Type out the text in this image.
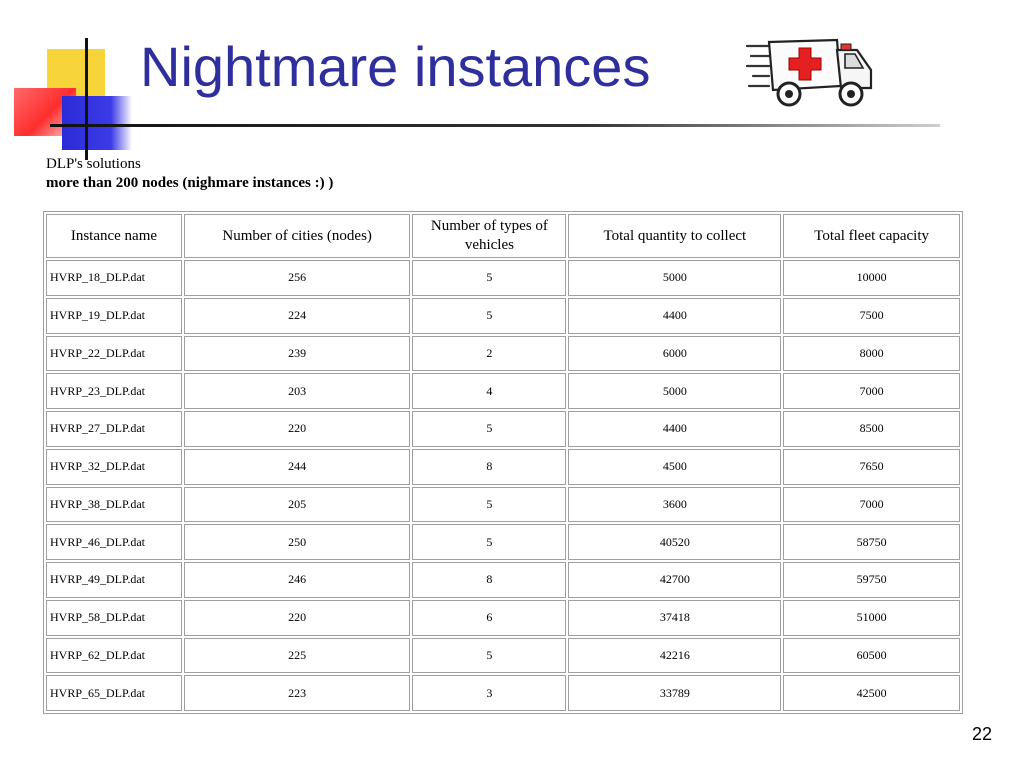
Nightmare instances
DLP's solutions
more than 200 nodes (nighmare instances :) )
Instance name	Number of cities (nodes)	Number of types of vehicles	Total quantity to collect	Total fleet capacity
HVRP_18_DLP.dat	256	5	5000	10000
HVRP_19_DLP.dat	224	5	4400	7500
HVRP_22_DLP.dat	239	2	6000	8000
HVRP_23_DLP.dat	203	4	5000	7000
HVRP_27_DLP.dat	220	5	4400	8500
HVRP_32_DLP.dat	244	8	4500	7650
HVRP_38_DLP.dat	205	5	3600	7000
HVRP_46_DLP.dat	250	5	40520	58750
HVRP_49_DLP.dat	246	8	42700	59750
HVRP_58_DLP.dat	220	6	37418	51000
HVRP_62_DLP.dat	225	5	42216	60500
HVRP_65_DLP.dat	223	3	33789	42500
22
